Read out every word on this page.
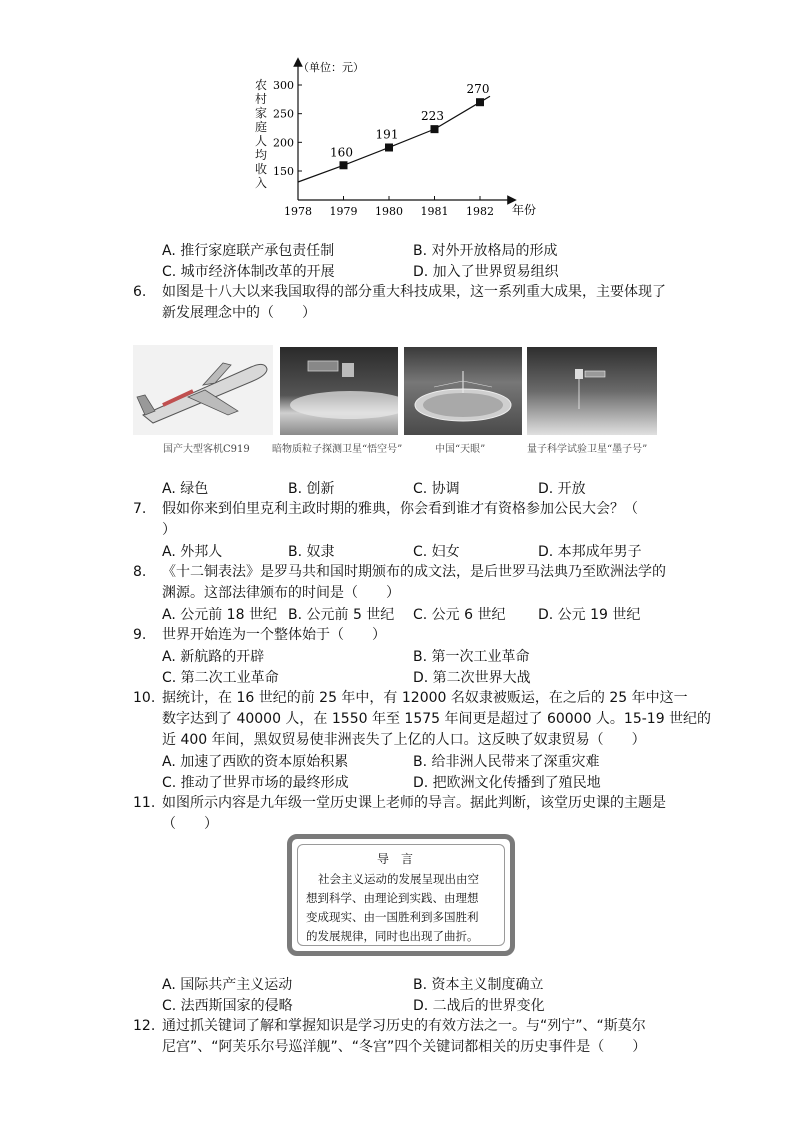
（单位：元）
150
200
250
300
1978 1979 1980 1981 1982 年份
160
191
223
270
农村家庭人均收入
A. 推行家庭联产承包责任制	B. 对外开放格局的形成
C. 城市经济体制改革的开展	D. 加入了世界贸易组织
6. 如图是十八大以来我国取得的部分重大科技成果，这一系列重大成果，主要体现了
新发展理念中的（　　）
国产大型客机C919 暗物质粒子探测卫星“悟空号”	中国“天眼”	量子科学试验卫星“墨子号”
A. 绿色	B. 创新	C. 协调	D. 开放
7. 假如你来到伯里克利主政时期的雅典，你会看到谁才有资格参加公民大会？（
）
A. 外邦人	B. 奴隶	C. 妇女	D. 本邦成年男子
8. 《十二铜表法》是罗马共和国时期颁布的成文法，是后世罗马法典乃至欧洲法学的
渊源。这部法律颁布的时间是（　　）
A. 公元前 18 世纪 B. 公元前 5 世纪 C. 公元 6 世纪 D. 公元 19 世纪
9. 世界开始连为一个整体始于（　　）
A. 新航路的开辟	B. 第一次工业革命
C. 第二次工业革命	D. 第二次世界大战
10. 据统计，在 16 世纪的前 25 年中，有 12000 名奴隶被贩运，在之后的 25 年中这一
数字达到了 40000 人，在 1550 年至 1575 年间更是超过了 60000 人。15-19 世纪的
近 400 年间，黑奴贸易使非洲丧失了上亿的人口。这反映了奴隶贸易（　　）
A. 加速了西欧的资本原始积累	B. 给非洲人民带来了深重灾难
C. 推动了世界市场的最终形成	D. 把欧洲文化传播到了殖民地
11. 如图所示内容是九年级一堂历史课上老师的导言。据此判断，该堂历史课的主题是
（　　）
导言
社会主义运动的发展呈现出由空
想到科学、由理论到实践、由理想
变成现实、由一国胜利到多国胜利
的发展规律，同时也出现了曲折。
A. 国际共产主义运动	B. 资本主义制度确立
C. 法西斯国家的侵略	D. 二战后的世界变化
12. 通过抓关键词了解和掌握知识是学习历史的有效方法之一。与“列宁”、“斯莫尔
尼宫”、“阿芙乐尔号巡洋舰”、“冬宫”四个关键词都相关的历史事件是（　　）
